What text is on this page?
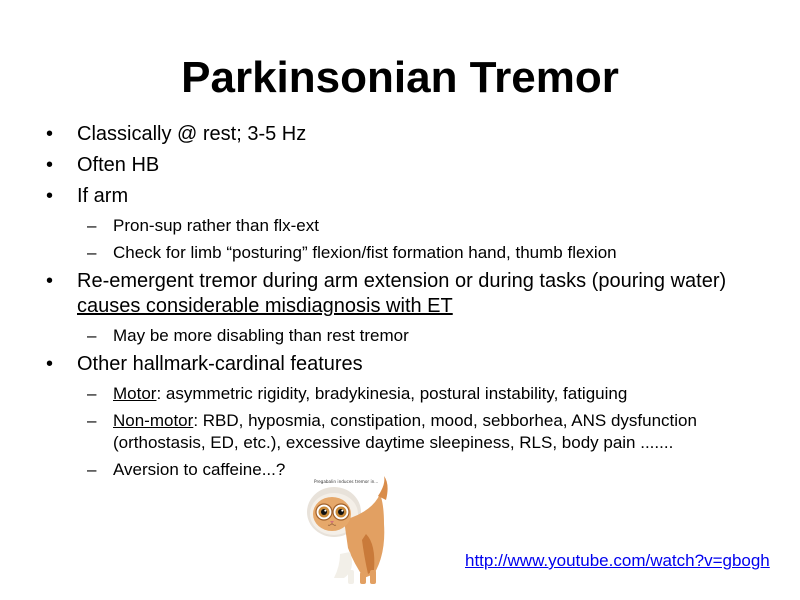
Parkinsonian Tremor
• Classically @ rest; 3-5 Hz
• Often HB
• If arm
– Pron-sup rather than flx-ext
– Check for limb “posturing” flexion/fist formation hand, thumb flexion
• Re-emergent tremor during arm extension or during tasks (pouring water) causes considerable misdiagnosis with ET
– May be more disabling than rest tremor
• Other hallmark-cardinal features
– Motor: asymmetric rigidity, bradykinesia, postural instability, fatiguing
– Non-motor: RBD, hyposmia, constipation, mood, sebborhea, ANS dysfunction (orthostasis, ED, etc.), excessive daytime sleepiness, RLS, body pain .......
– Aversion to caffeine...?
Pregabalin induces tremor in...
http://www.youtube.com/watch?v=gbogh
